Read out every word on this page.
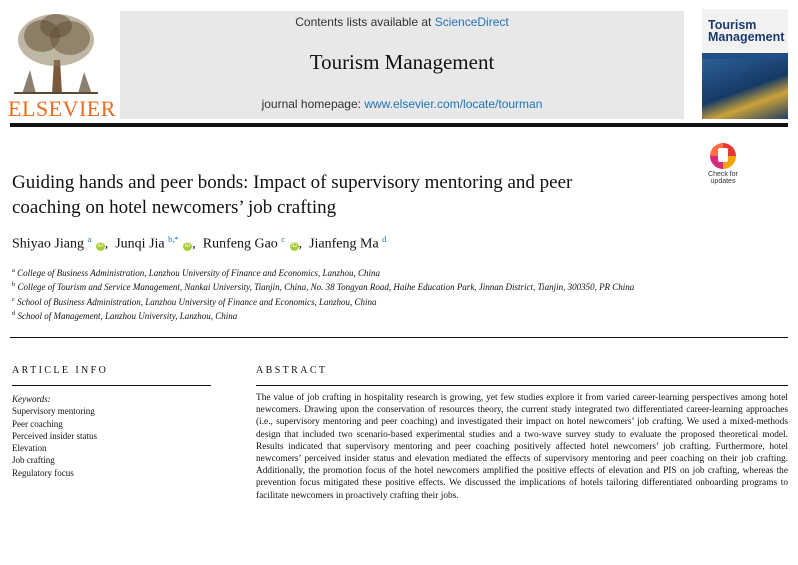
ELSEVIER
Contents lists available at ScienceDirect
Tourism Management
journal homepage: www.elsevier.com/locate/tourman
Tourism
Management
Check for
updates
Guiding hands and peer bonds: Impact of supervisory mentoring and peer
coaching on hotel newcomers’ job crafting
Shiyao Jiang $^a$ iD ,  Junqi Jia $^{b,*}$ iD ,  Runfeng Gao $^c$ iD ,  Jianfeng Ma $^d$
$^a$ College of Business Administration, Lanzhou University of Finance and Economics, Lanzhou, China
$^b$ College of Tourism and Service Management, Nankai University, Tianjin, China, No. 38 Tongyan Road, Haihe Education Park, Jinnan District, Tianjin, 300350, PR China
$^c$ School of Business Administration, Lanzhou University of Finance and Economics, Lanzhou, China
$^d$ School of Management, Lanzhou University, Lanzhou, China
ARTICLE INFO
Keywords:
Supervisory mentoring
Peer coaching
Perceived insider status
Elevation
Job crafting
Regulatory focus
ABSTRACT
The value of job crafting in hospitality research is growing, yet few studies explore it from varied career-learning perspectives among hotel newcomers. Drawing upon the conservation of resources theory, the current study integrated two differentiated career-learning approaches (i.e., supervisory mentoring and peer coaching) and investigated their impact on hotel newcomers’ job crafting. We used a mixed-methods design that included two scenario-based experimental studies and a two-wave survey study to evaluate the proposed theoretical model. Results indicated that supervisory mentoring and peer coaching positively affected hotel newcomers’ job crafting. Furthermore, hotel newcomers’ perceived insider status and elevation mediated the effects of supervisory mentoring and peer coaching on their job crafting. Additionally, the promotion focus of the hotel newcomers amplified the positive effects of elevation and PIS on job crafting, whereas the prevention focus mitigated these positive effects. We discussed the implications of hotels tailoring differentiated onboarding programs to facilitate newcomers in proactively crafting their jobs.
